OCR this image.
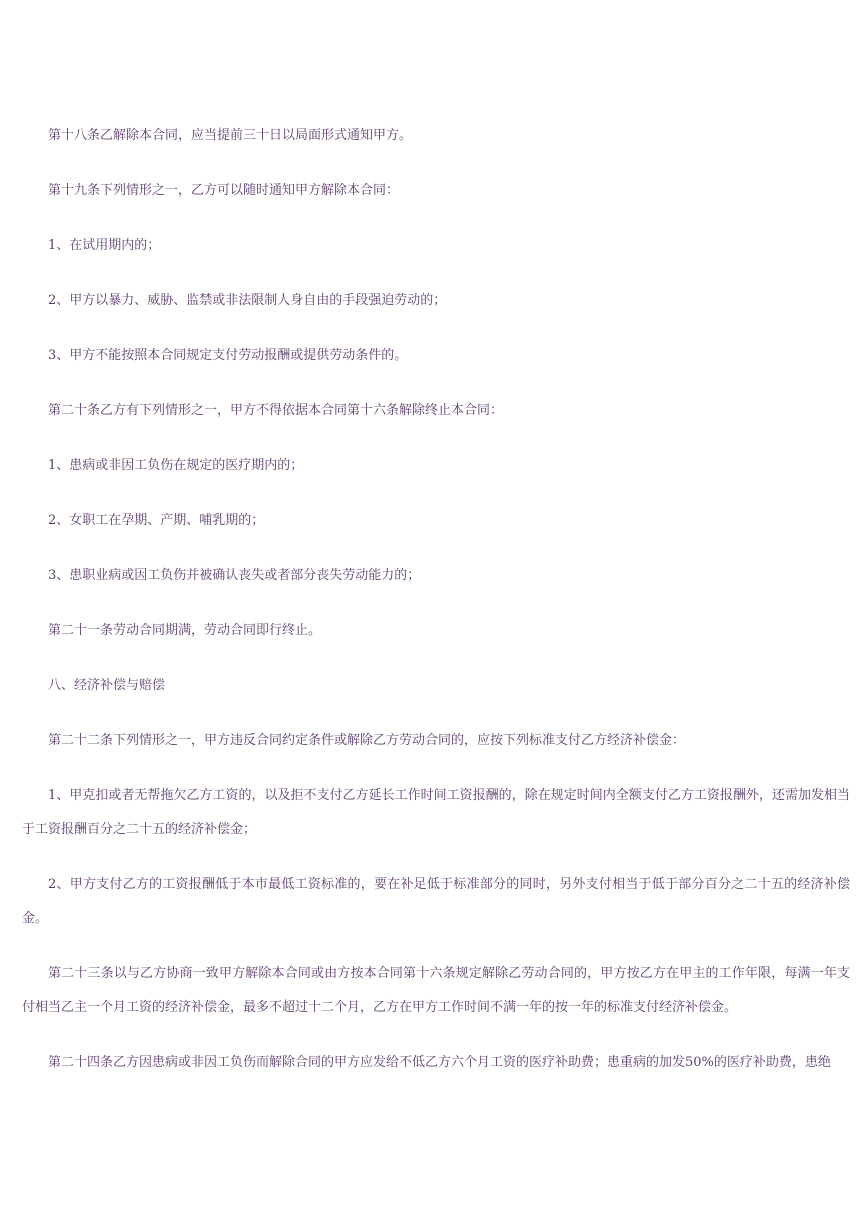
第十八条乙解除本合同，应当提前三十日以局面形式通知甲方。

第十九条下列情形之一，乙方可以随时通知甲方解除本合同：

1、在试用期内的；

2、甲方以暴力、威胁、监禁或非法限制人身自由的手段强迫劳动的；

3、甲方不能按照本合同规定支付劳动报酬或提供劳动条件的。

第二十条乙方有下列情形之一，甲方不得依据本合同第十六条解除终止本合同：

1、患病或非因工负伤在规定的医疗期内的；

2、女职工在孕期、产期、哺乳期的；

3、患职业病或因工负伤并被确认丧失或者部分丧失劳动能力的；

第二十一条劳动合同期满，劳动合同即行终止。

八、经济补偿与赔偿

第二十二条下列情形之一，甲方违反合同约定条件或解除乙方劳动合同的，应按下列标准支付乙方经济补偿金：

1、甲克扣或者无帮拖欠乙方工资的，以及拒不支付乙方延长工作时间工资报酬的，除在规定时间内全额支付乙方工资报酬外，还需加发相当于工资报酬百分之二十五的经济补偿金；

2、甲方支付乙方的工资报酬低于本市最低工资标准的，要在补足低于标准部分的同时，另外支付相当于低于部分百分之二十五的经济补偿金。

第二十三条以与乙方协商一致甲方解除本合同或由方按本合同第十六条规定解除乙劳动合同的，甲方按乙方在甲主的工作年限，每满一年支付相当乙主一个月工资的经济补偿金，最多不超过十二个月，乙方在甲方工作时间不满一年的按一年的标准支付经济补偿金。

第二十四条乙方因患病或非因工负伤而解除合同的甲方应发给不低乙方六个月工资的医疗补助费；患重病的加发50%的医疗补助费，患绝
